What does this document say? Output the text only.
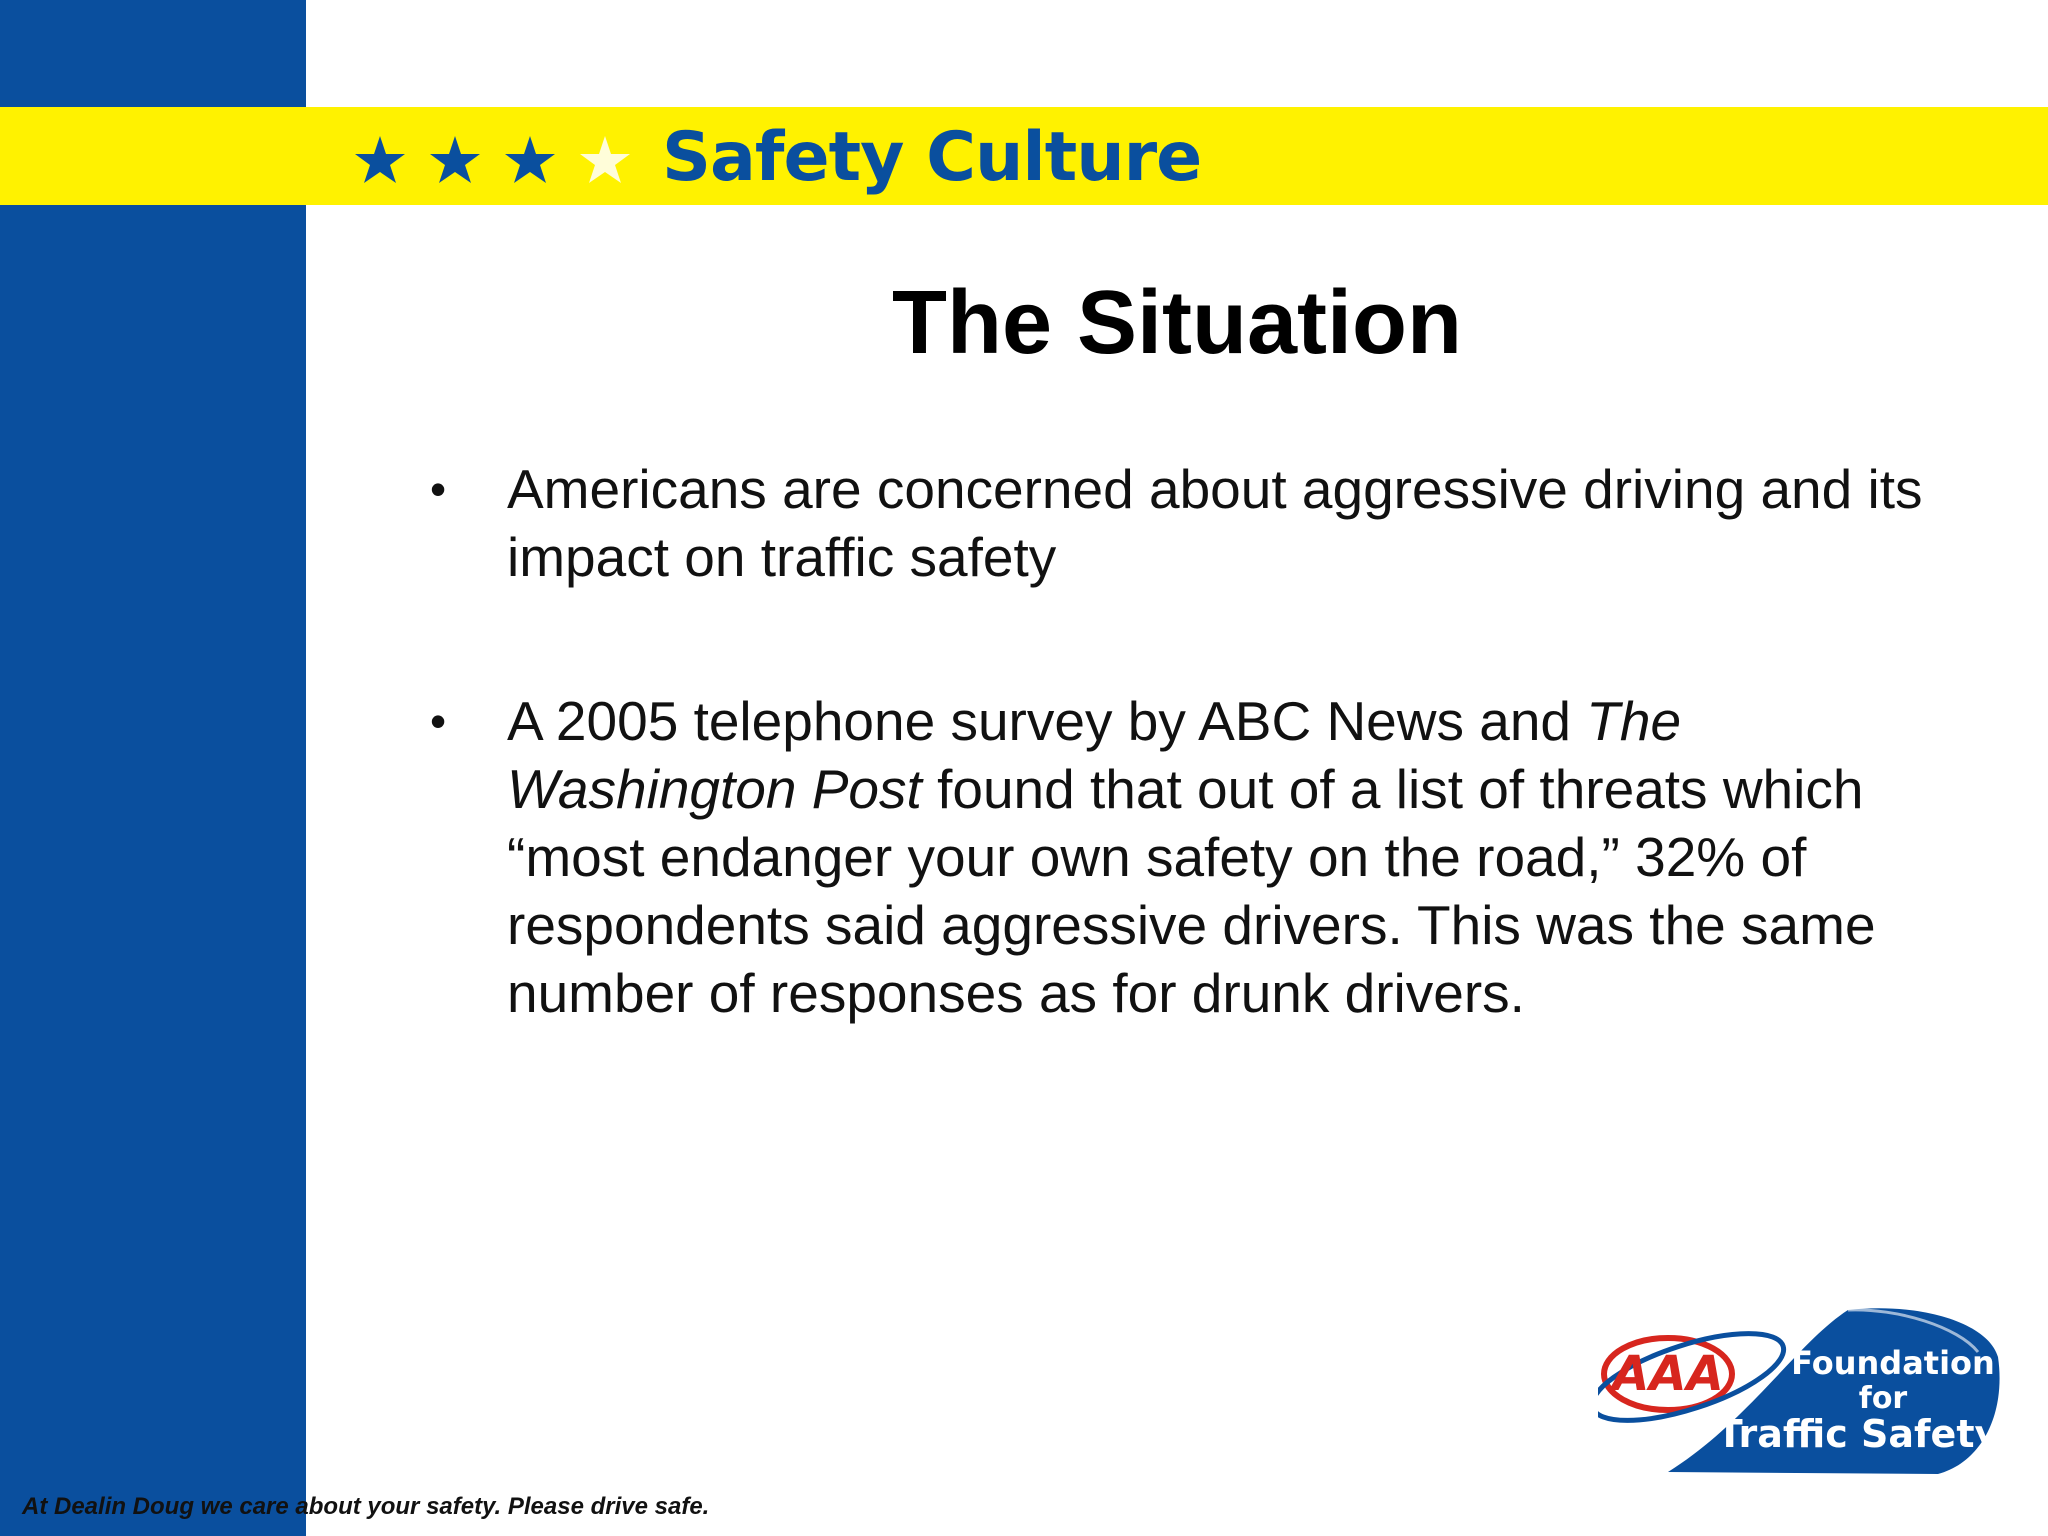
Safety Culture
The Situation
• Americans are concerned about aggressive driving and its impact on traffic safety
• A 2005 telephone survey by ABC News and The Washington Post found that out of a list of threats which “most endanger your own safety on the road,” 32% of respondents said aggressive drivers. This was the same number of responses as for drunk drivers.
AAA Foundation
for
Traffic Safety
At Dealin Doug we care about your safety. Please drive safe.
